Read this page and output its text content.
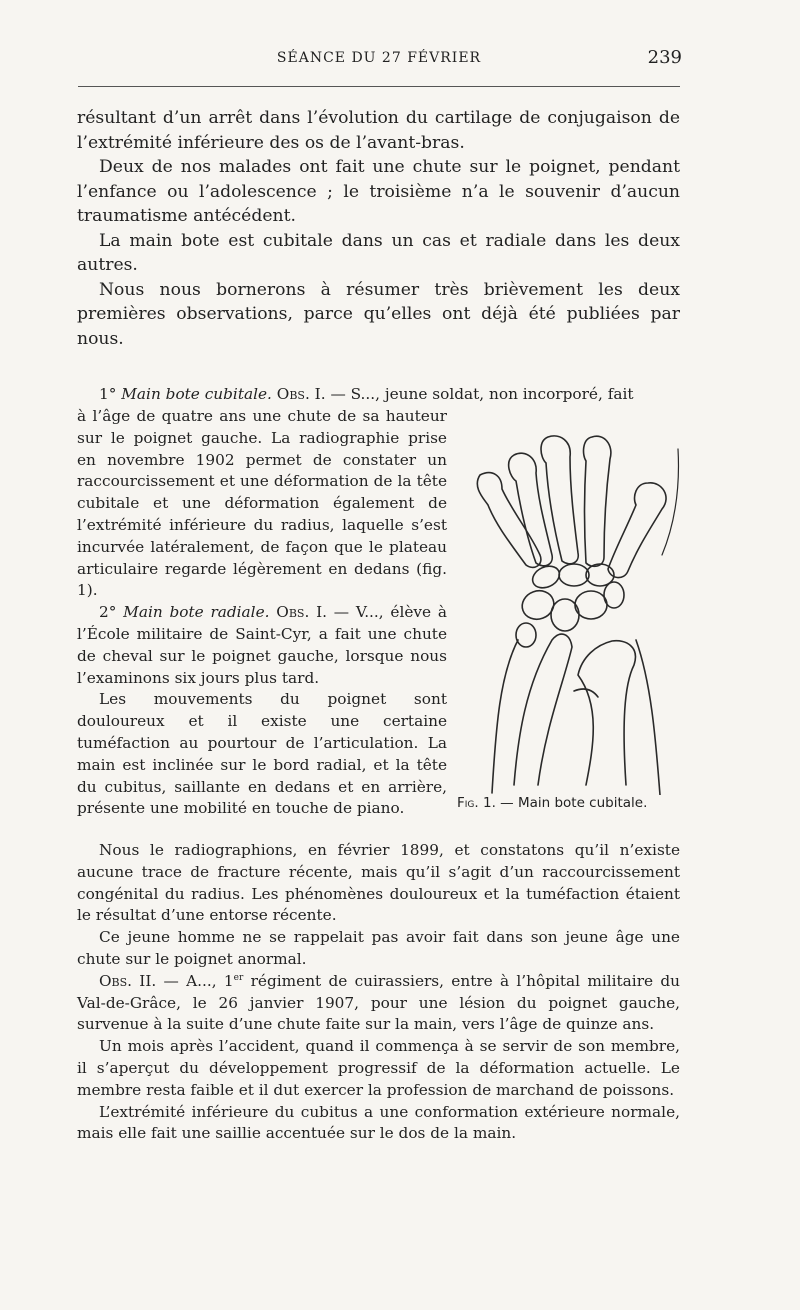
SÉANCE DU 27 FÉVRIER	239

résultant d’un arrêt dans l’évolution du cartilage de conjugaison de l’extrémité inférieure des os de l’avant-bras.

Deux de nos malades ont fait une chute sur le poignet, pendant l’enfance ou l’adolescence ; le troisième n’a le souvenir d’aucun traumatisme antécédent.

La main bote est cubitale dans un cas et radiale dans les deux autres.

Nous nous bornerons à résumer très brièvement les deux premières observations, parce qu’elles ont déjà été publiées par nous.

Fig. 1. — Main bote cubitale.

1° Main bote cubitale. Obs. I. — S..., jeune soldat, non incorporé, fait

à l’âge de quatre ans une chute de sa hauteur sur le poignet gauche. La radiographie prise en novembre 1902 permet de constater un raccourcissement et une déformation de la tête cubitale et une déformation également de l’extrémité inférieure du radius, laquelle s’est incurvée latéralement, de façon que le plateau articulaire regarde légèrement en dedans (fig. 1).

2° Main bote radiale. Obs. I. — V..., élève à l’École militaire de Saint-Cyr, a fait une chute de cheval sur le poignet gauche, lorsque nous l’examinons six jours plus tard.

Les mouvements du poignet sont douloureux et il existe une certaine tuméfaction au pourtour de l’articulation. La main est inclinée sur le bord radial, et la tête du cubitus, saillante en dedans et en arrière, présente une mobilité en touche de piano.

Nous le radiographions, en février 1899, et constatons qu’il n’existe aucune trace de fracture récente, mais qu’il s’agit d’un raccourcissement congénital du radius. Les phénomènes douloureux et la tuméfaction étaient le résultat d’une entorse récente.

Ce jeune homme ne se rappelait pas avoir fait dans son jeune âge une chute sur le poignet anormal.

Obs. II. — A..., 1er régiment de cuirassiers, entre à l’hôpital militaire du Val-de-Grâce, le 26 janvier 1907, pour une lésion du poignet gauche, survenue à la suite d’une chute faite sur la main, vers l’âge de quinze ans.

Un mois après l’accident, quand il commença à se servir de son membre, il s’aperçut du développement progressif de la déformation actuelle. Le membre resta faible et il dut exercer la profession de marchand de poissons.

L’extrémité inférieure du cubitus a une conformation extérieure normale, mais elle fait une saillie accentuée sur le dos de la main.
